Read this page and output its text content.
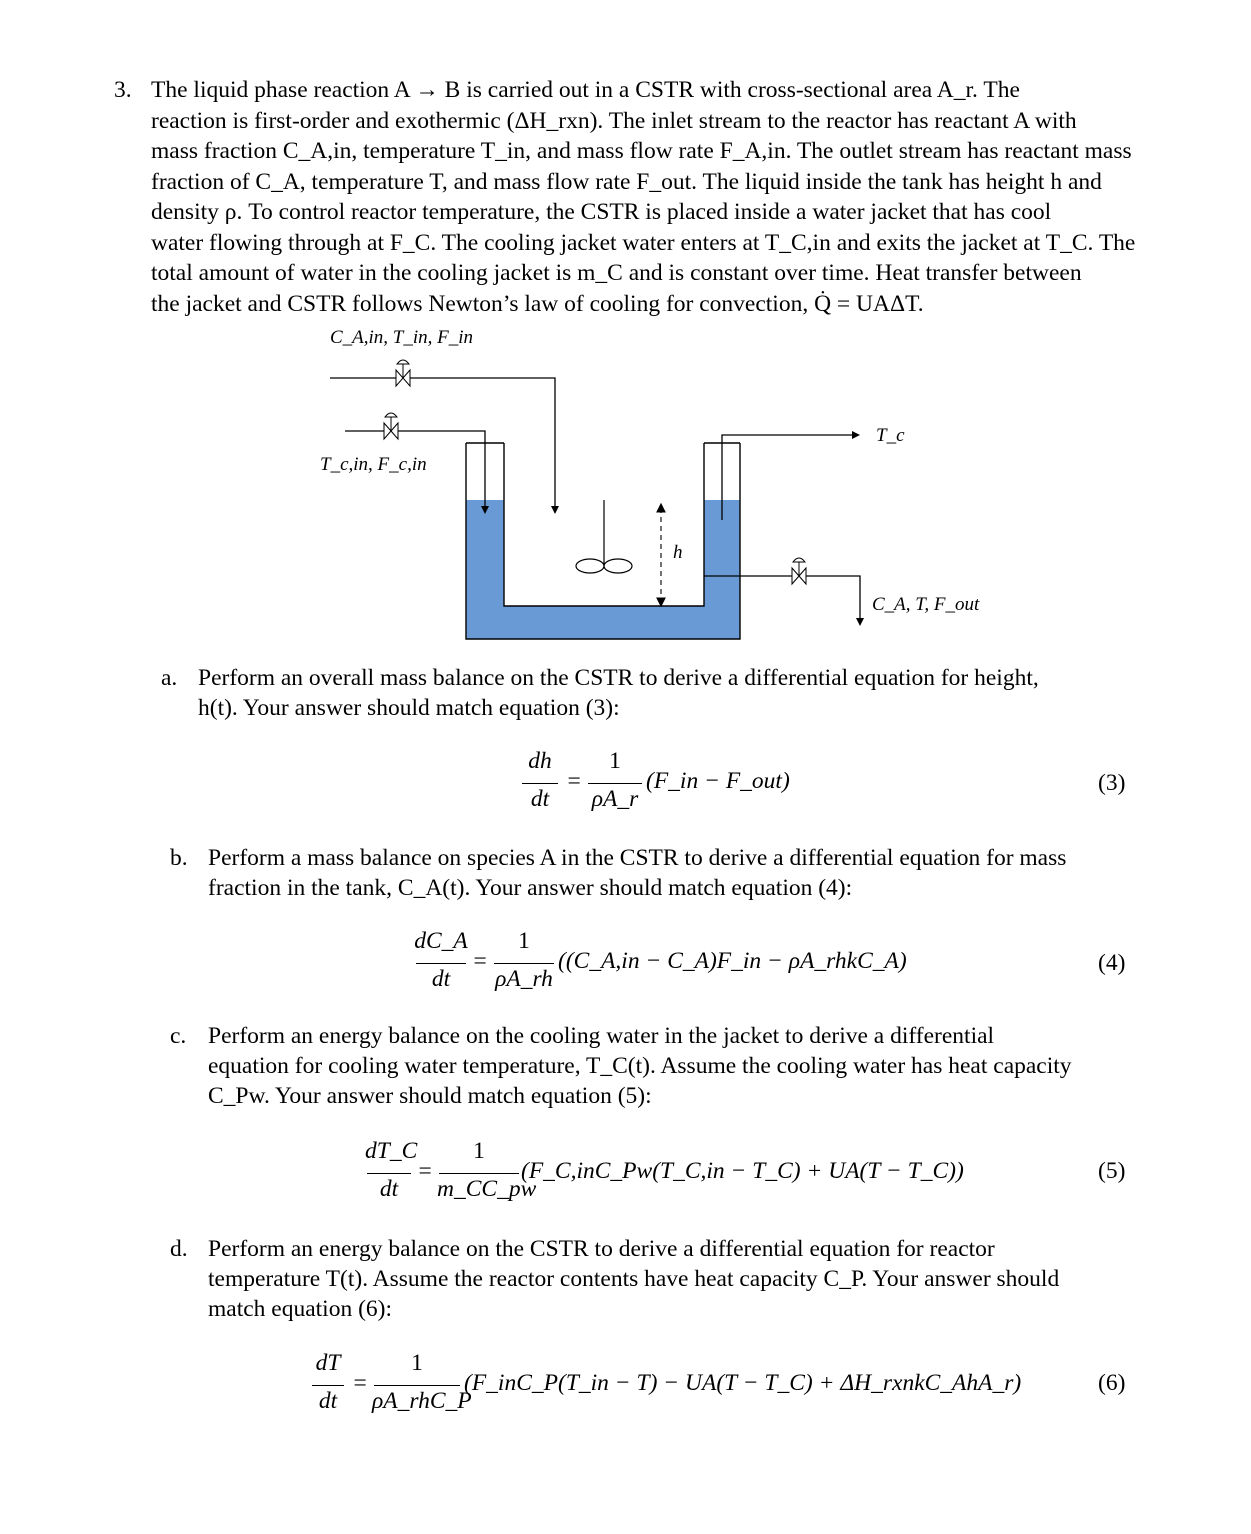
3. The liquid phase reaction A → B is carried out in a CSTR with cross-sectional area A_r. The
reaction is first-order and exothermic (ΔH_rxn). The inlet stream to the reactor has reactant A with
mass fraction C_A,in, temperature T_in, and mass flow rate F_A,in. The outlet stream has reactant mass
fraction of C_A, temperature T, and mass flow rate F_out. The liquid inside the tank has height h and
density ρ. To control reactor temperature, the CSTR is placed inside a water jacket that has cool
water flowing through at F_C. The cooling jacket water enters at T_C,in and exits the jacket at T_C. The
total amount of water in the cooling jacket is m_C and is constant over time. Heat transfer between
the jacket and CSTR follows Newton’s law of cooling for convection, Q̇ = UAΔT.
C_A,in, T_in, F_in
T_c,in, F_c,in
T_c
h
C_A, T, F_out
a. Perform an overall mass balance on the CSTR to derive a differential equation for height,
h(t). Your answer should match equation (3):
dh
dt
=
1
ρA_r
(F_in − F_out)	(3)
b. Perform a mass balance on species A in the CSTR to derive a differential equation for mass
fraction in the tank, C_A(t). Your answer should match equation (4):
dC_A
dt
=
1
ρA_rh
((C_A,in − C_A)F_in − ρA_rhkC_A)	(4)
c. Perform an energy balance on the cooling water in the jacket to derive a differential
equation for cooling water temperature, T_C(t). Assume the cooling water has heat capacity
C_Pw. Your answer should match equation (5):
dT_C
dt
=
1
m_CC_pw
(F_C,inC_Pw(T_C,in − T_C) + UA(T − T_C))	(5)
d. Perform an energy balance on the CSTR to derive a differential equation for reactor
temperature T(t). Assume the reactor contents have heat capacity C_P. Your answer should
match equation (6):
dT
dt
=
1
ρA_rhC_P
(F_inC_P(T_in − T) − UA(T − T_C) + ΔH_rxnkC_AhA_r)	(6)
